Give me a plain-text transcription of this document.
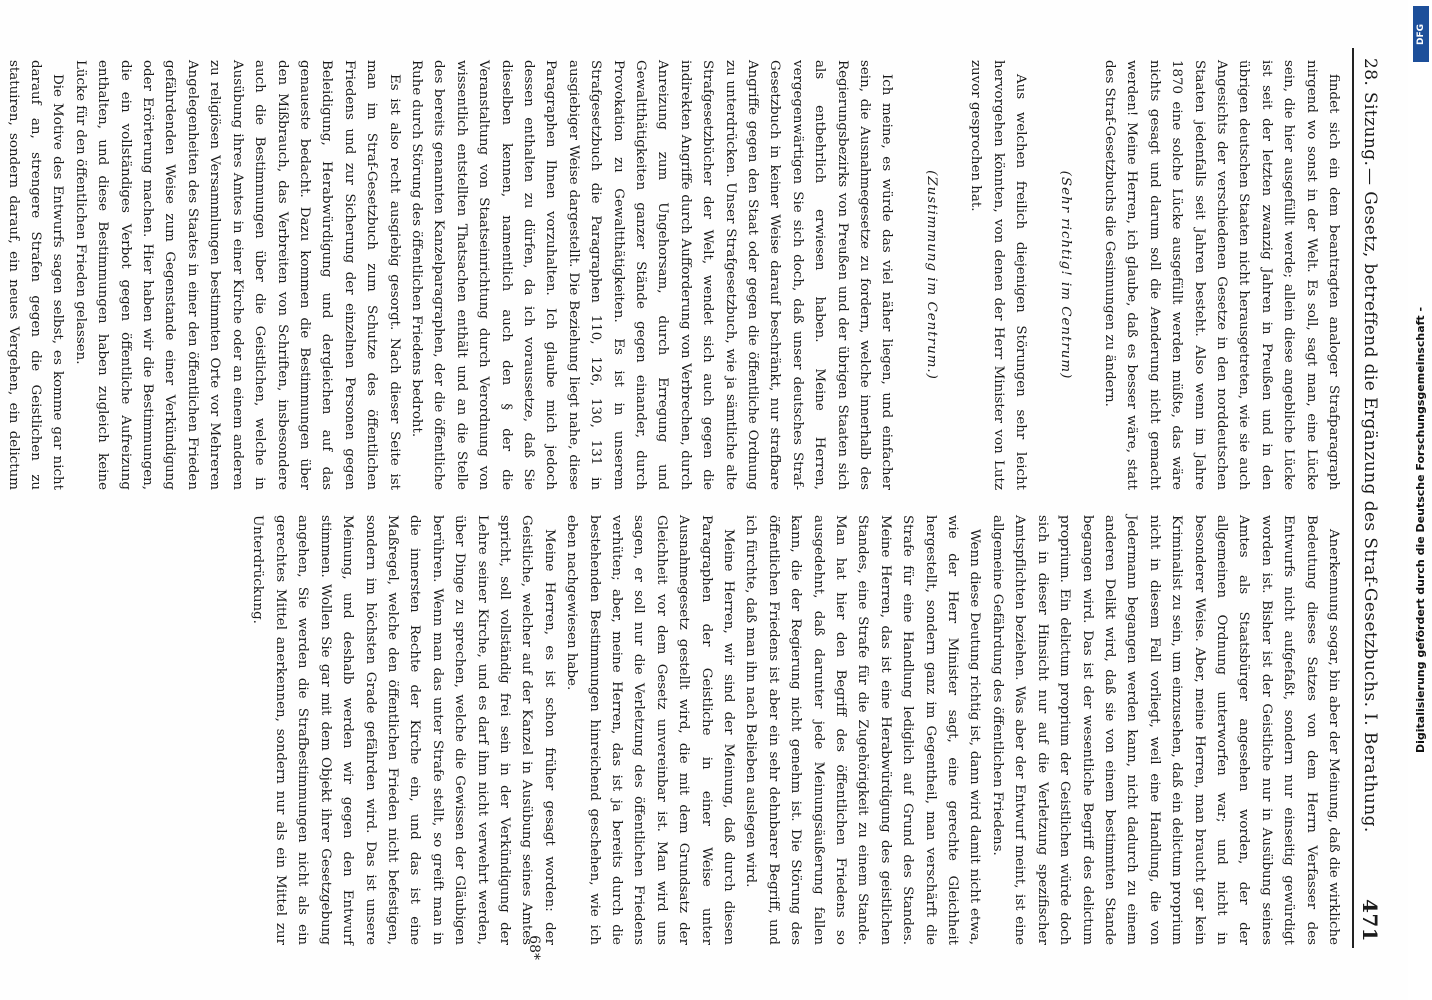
28. Sitzung.
— Gesetz, betreffend die Ergänzung des Straf-Gesetzbuchs. I. Berathung.
471

findet sich ein dem beantragten analoger Strafparagraph nirgend wo sonst in der Welt. Es soll, sagt man, eine Lücke sein, die hier ausgefüllt werde; allein diese angebliche Lücke ist seit der letzten zwanzig Jahren in Preußen und in den übrigen deutschen Staaten nicht herausgetreten, wie sie auch Angesichts der verschiedenen Gesetze in den norddeutschen Staaten jedenfalls seit Jahren besteht. Also wenn im Jahre 1870 eine solche Lücke ausgefüllt werden müßte, das wäre nichts gesagt und darum soll die Aenderung nicht gemacht werden! Meine Herren, ich glaube, daß es besser wäre, statt des Straf-Gesetzbuchs die Gesinnungen zu ändern.

(Sehr richtig! im Centrum)

Aus welchen freilich diejenigen Störungen sehr leicht hervorgehen könnten, von denen der Herr Minister von Lutz zuvor gesprochen hat.

(Zustimmung im Centrum.)

Ich meine, es würde das viel näher liegen, und einfacher sein, die Ausnahmegesetze zu fordern, welche innerhalb des Regierungsbezirks von Preußen und der übrigen Staaten sich als entbehrlich erwiesen haben. Meine Herren, vergegenwärtigen Sie sich doch, daß unser deutsches Straf-Gesetzbuch in keiner Weise darauf beschränkt, nur strafbare Angriffe gegen den Staat oder gegen die öffentliche Ordnung zu unterdrücken. Unser Strafgesetzbuch, wie ja sämtliche alte Strafgesetzbücher der Welt, wendet sich auch gegen die indirekten Angriffe durch Aufforderung von Verbrechen, durch Anreizung zum Ungehorsam, durch Erregung und Gewaltthätigkeiten ganzer Stände gegen einander, durch Provokation zu Gewaltthätigkeiten. Es ist in unserem Strafgesetzbuch die Paragraphen 110, 126, 130, 131 in ausgiebiger Weise dargestellt. Die Beziehung liegt nahe, diese Paragraphen Ihnen vorzuhalten. Ich glaube mich jedoch dessen enthalten zu dürfen, da ich voraussetze, daß Sie dieselben kennen, namentlich auch den § der die Veranstaltung von Staatseinrichtung durch Verordnung von wissentlich entstellten Thatsachen enthält und an die Stelle des bereits genannten Kanzelparagraphen, der die öffentliche Ruhe durch Störung des öffentlichen Friedens bedroht.

Es ist also recht ausgiebig gesorgt. Nach dieser Seite ist man im Straf-Gesetzbuch zum Schutze des öffentlichen Friedens und zur Sicherung der einzelnen Personen gegen Beleidigung, Herabwürdigung und dergleichen auf das genaueste bedacht. Dazu kommen die Bestimmungen über den Mißbrauch, das Verbreiten von Schriften, insbesondere auch die Bestimmungen über die Geistlichen, welche in Ausübung ihres Amtes in einer Kirche oder an einem anderen zu religiösen Versammlungen bestimmten Orte vor Mehreren Angelegenheiten des Staates in einer den öffentlichen Frieden gefährdenden Weise zum Gegenstande einer Verkündigung oder Erörterung machen. Hier haben wir die Bestimmungen, die ein vollständiges Verbot gegen öffentliche Aufreizung enthalten, und diese Bestimmungen haben zugleich keine Lücke für den öffentlichen Frieden gelassen.

Die Motive des Entwurfs sagen selbst, es komme gar nicht darauf an, strengere Strafen gegen die Geistlichen zu statuiren, sondern darauf, ein neues Vergehen, ein delictum

Anerkennung sogar, bin aber der Meinung, daß die wirkliche Bedeutung dieses Satzes von dem Herrn Verfasser des Entwurfs nicht aufgefaßt, sondern nur einseitig gewürdigt worden ist. Bisher ist der Geistliche nur in Ausübung seines Amtes als Staatsbürger angesehen worden, der der allgemeinen Ordnung unterworfen war; und nicht in besonderer Weise. Aber, meine Herren, man braucht gar kein Kriminalist zu sein, um einzusehen, daß ein delictum proprium nicht in diesem Fall vorliegt, weil eine Handlung, die von Jedermann begangen werden kann, nicht dadurch zu einem anderen Delikt wird, daß sie von einem bestimmten Stande begangen wird. Das ist der wesentliche Begriff des delictum proprium. Ein delictum proprium der Geistlichen würde doch sich in dieser Hinsicht nur auf die Verletzung spezifischer Amtspflichten beziehen. Was aber der Entwurf meint, ist eine allgemeine Gefährdung des öffentlichen Friedens.

Wenn diese Deutung richtig ist, dann wird damit nicht etwa, wie der Herr Minister sagt, eine gerechte Gleichheit hergestellt, sondern ganz im Gegentheil, man verschärft die Strafe für eine Handlung lediglich auf Grund des Standes. Meine Herren, das ist eine Herabwürdigung des geistlichen Standes, eine Strafe für die Zugehörigkeit zu einem Stande. Man hat hier den Begriff des öffentlichen Friedens so ausgedehnt, daß darunter jede Meinungsäußerung fallen kann, die der Regierung nicht genehm ist. Die Störung des öffentlichen Friedens ist aber ein sehr dehnbarer Begriff, und ich fürchte, daß man ihn nach Belieben auslegen wird.

Meine Herren, wir sind der Meinung, daß durch diesen Paragraphen der Geistliche in einer Weise unter Ausnahmegesetz gestellt wird, die mit dem Grundsatz der Gleichheit vor dem Gesetz unvereinbar ist. Man wird uns sagen, er soll nur die Verletzung des öffentlichen Friedens verhüten; aber, meine Herren, das ist ja bereits durch die bestehenden Bestimmungen hinreichend geschehen, wie ich eben nachgewiesen habe.

Meine Herren, es ist schon früher gesagt worden: der Geistliche, welcher auf der Kanzel in Ausübung seines Amtes spricht, soll vollständig frei sein in der Verkündigung der Lehre seiner Kirche, und es darf ihm nicht verwehrt werden, über Dinge zu sprechen, welche die Gewissen der Gläubigen berühren. Wenn man das unter Strafe stellt, so greift man in die innersten Rechte der Kirche ein, und das ist eine Maßregel, welche den öffentlichen Frieden nicht befestigen, sondern im höchsten Grade gefährden wird. Das ist unsere Meinung, und deshalb werden wir gegen den Entwurf stimmen. Wollen Sie gar mit dem Objekt ihrer Gesetzgebung angehen, Sie werden die Strafbestimmungen nicht als ein gerechtes Mittel anerkennen, sondern nur als ein Mittel zur Unterdrückung.

68*
DFG
Digitalisierung gefördert durch die Deutsche Forschungsgemeinschaft -
